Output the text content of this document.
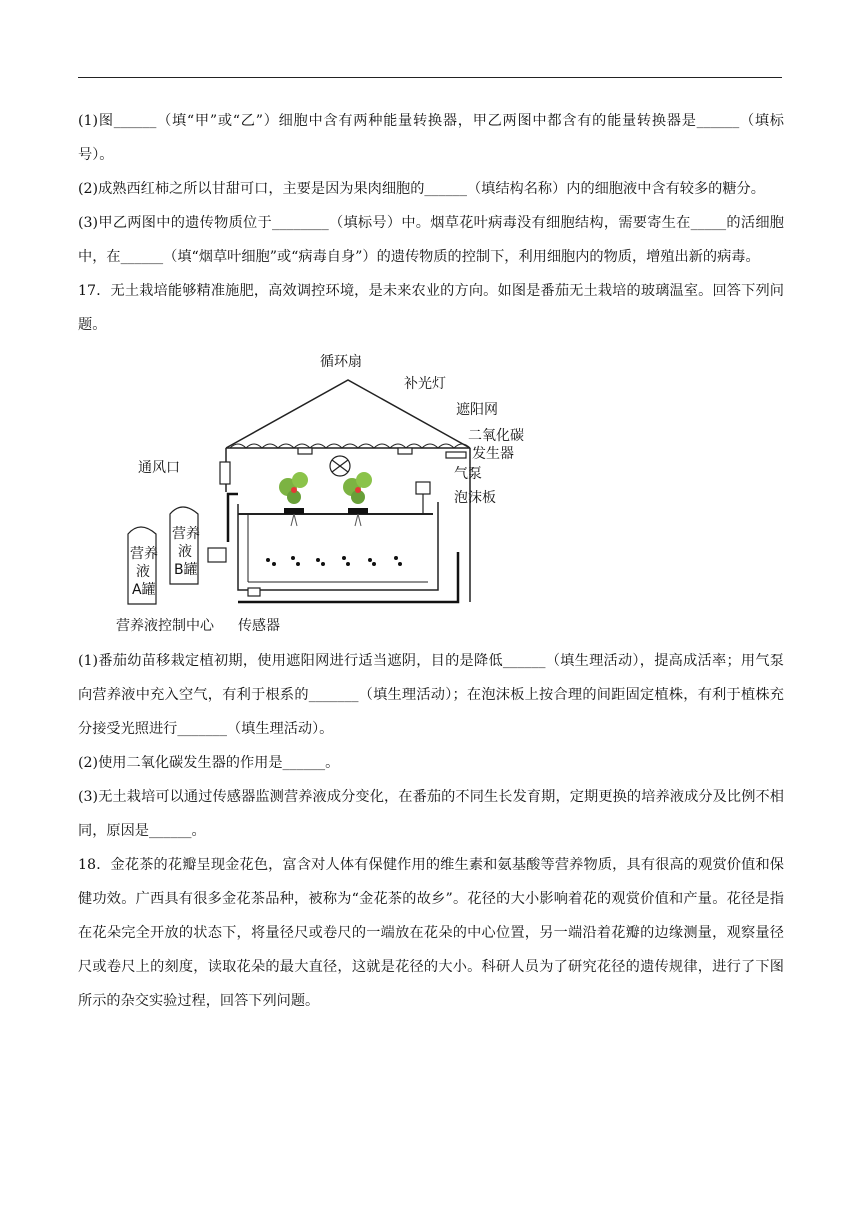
(1)图______（填“甲”或“乙”）细胞中含有两种能量转换器，甲乙两图中都含有的能量转换器是______（填标号）。

(2)成熟西红柿之所以甘甜可口，主要是因为果肉细胞的______（填结构名称）内的细胞液中含有较多的糖分。

(3)甲乙两图中的遗传物质位于________（填标号）中。烟草花叶病毒没有细胞结构，需要寄生在_____的活细胞中，在______（填“烟草叶细胞”或“病毒自身”）的遗传物质的控制下，利用细胞内的物质，增殖出新的病毒。

17．无土栽培能够精准施肥，高效调控环境，是未来农业的方向。如图是番茄无土栽培的玻璃温室。回答下列问题。

循环扇
补光灯
遮阳网
二氧化碳
发生器
通风口	气泵
泡沫板
营养
液
A罐
营养
液
B罐
营养液控制中心 传感器

(1)番茄幼苗移栽定植初期，使用遮阳网进行适当遮阴，目的是降低______（填生理活动），提高成活率；用气泵向营养液中充入空气，有利于根系的_______（填生理活动）；在泡沫板上按合理的间距固定植株，有利于植株充分接受光照进行_______（填生理活动）。

(2)使用二氧化碳发生器的作用是______。

(3)无土栽培可以通过传感器监测营养液成分变化，在番茄的不同生长发育期，定期更换的培养液成分及比例不相同，原因是______。

18．金花茶的花瓣呈现金花色，富含对人体有保健作用的维生素和氨基酸等营养物质，具有很高的观赏价值和保健功效。广西具有很多金花茶品种，被称为“金花茶的故乡”。花径的大小影响着花的观赏价值和产量。花径是指在花朵完全开放的状态下，将量径尺或卷尺的一端放在花朵的中心位置，另一端沿着花瓣的边缘测量，观察量径尺或卷尺上的刻度，读取花朵的最大直径，这就是花径的大小。科研人员为了研究花径的遗传规律，进行了下图所示的杂交实验过程，回答下列问题。
